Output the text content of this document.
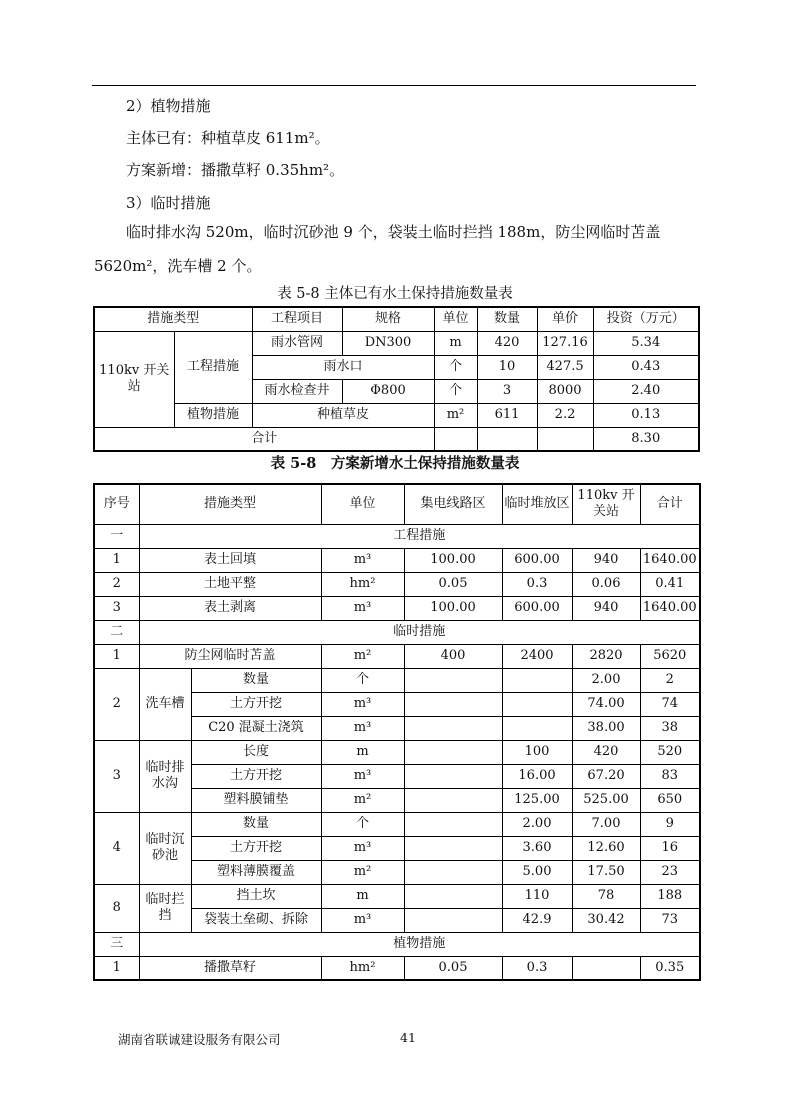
2）植物措施
主体已有：种植草皮 611m²。
方案新增：播撒草籽 0.35hm²。
3）临时措施
临时排水沟 520m，临时沉砂池 9 个，袋装土临时拦挡 188m，防尘网临时苫盖 5620m²，洗车槽 2 个。
表 5-8 主体已有水土保持措施数量表
措施类型		工程项目	规格	单位	数量	单价	投资（万元）
110kv 开关站	工程措施	雨水管网	DN300	m	420	127.16	5.34
		雨水口		个	10	427.5	0.43
		雨水检查井	Φ800	个	3	8000	2.40
	植物措施	种植草皮		m²	611	2.2	0.13
合计							8.30
表 5-8　方案新增水土保持措施数量表
序号	措施类型		单位	集电线路区	临时堆放区	110kv 开关站	合计
一	工程措施						
1	表土回填		m³	100.00	600.00	940	1640.00
2	土地平整		hm²	0.05	0.3	0.06	0.41
3	表土剥离		m³	100.00	600.00	940	1640.00
二	临时措施						
1	防尘网临时苫盖		m²	400	2400	2820	5620
2	洗车槽	数量	个			2.00	2
		土方开挖	m³			74.00	74
		C20 混凝土浇筑	m³			38.00	38
3	临时排水沟	长度	m		100	420	520
		土方开挖	m³		16.00	67.20	83
		塑料膜铺垫	m²		125.00	525.00	650
4	临时沉砂池	数量	个		2.00	7.00	9
		土方开挖	m³		3.60	12.60	16
		塑料薄膜覆盖	m²		5.00	17.50	23
8	临时拦挡	挡土坎	m		110	78	188
		袋装土垒砌、拆除	m³		42.9	30.42	73
三	植物措施						
1	播撒草籽		hm²	0.05	0.3		0.35
湖南省联诚建设服务有限公司	41
